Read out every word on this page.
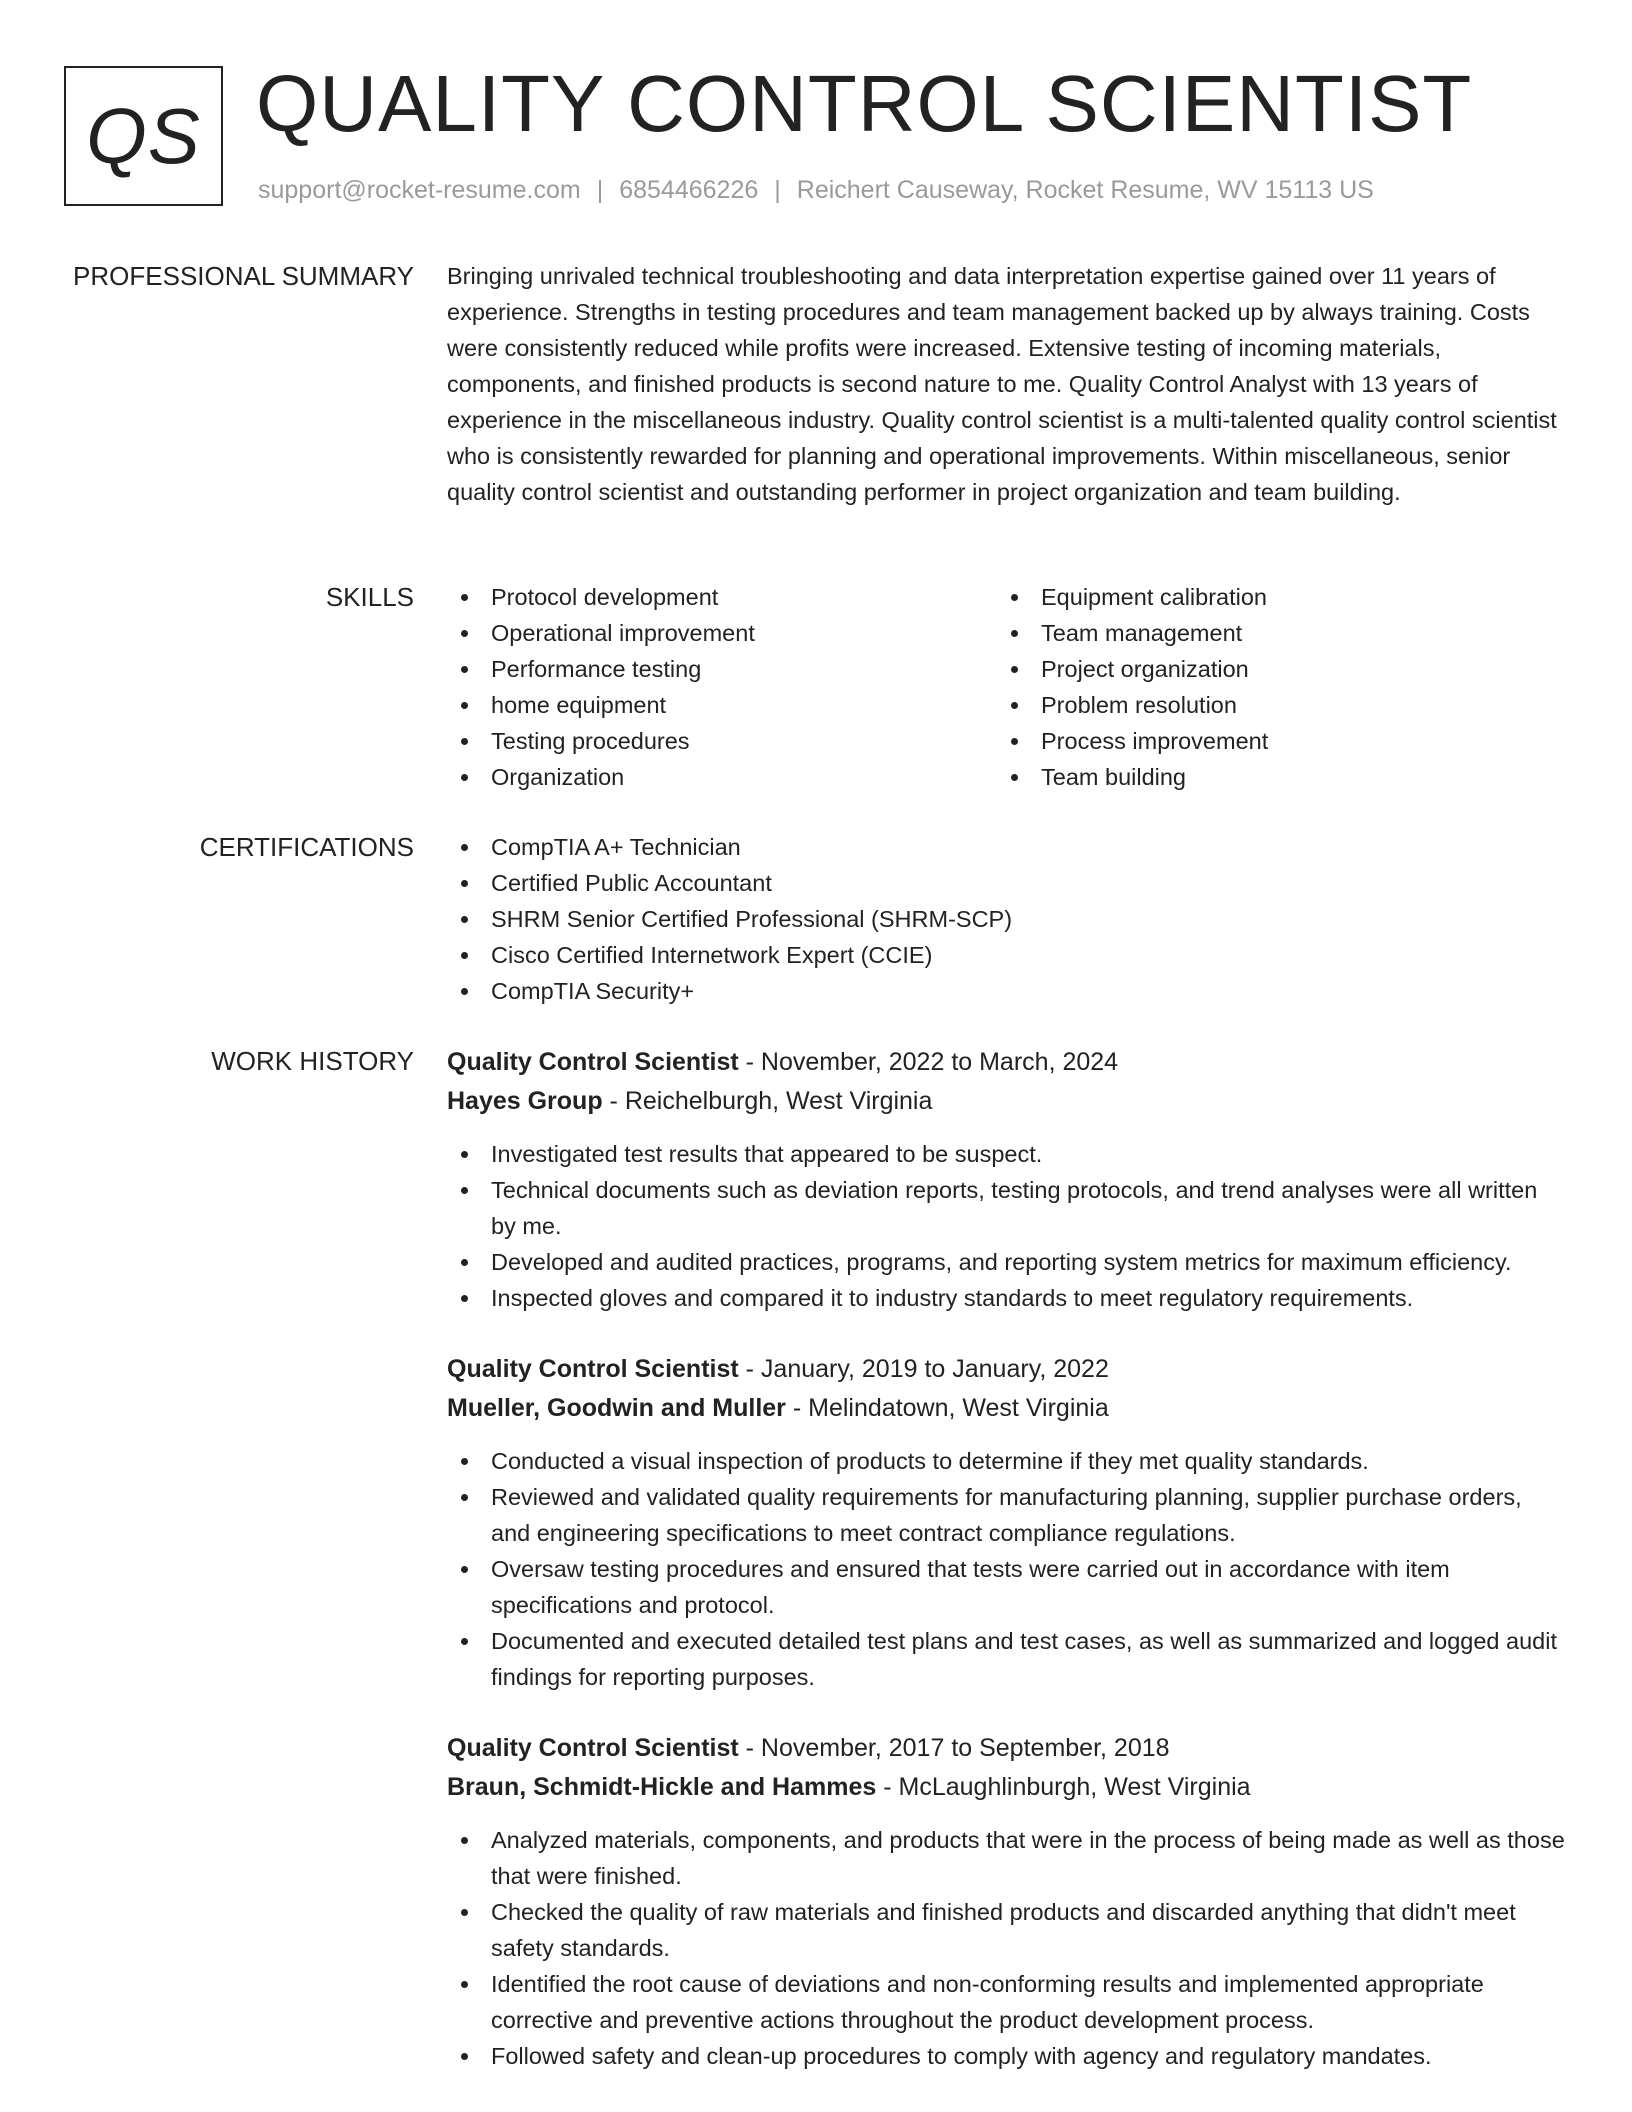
QS QUALITY CONTROL SCIENTIST
support@rocket-resume.com | 6854466226 | Reichert Causeway, Rocket Resume, WV 15113 US
PROFESSIONAL SUMMARY Bringing unrivaled technical troubleshooting and data interpretation expertise gained over 11 years of experience. Strengths in testing procedures and team management backed up by always training. Costs were consistently reduced while profits were increased. Extensive testing of incoming materials, components, and finished products is second nature to me. Quality Control Analyst with 13 years of experience in the miscellaneous industry. Quality control scientist is a multi-talented quality control scientist who is consistently rewarded for planning and operational improvements. Within miscellaneous, senior quality control scientist and outstanding performer in project organization and team building.

SKILLS	Protocol development
Operational improvement
Performance testing
home equipment
Testing procedures
Organization
Equipment calibration
Team management
Project organization
Problem resolution
Process improvement
Team building
CERTIFICATIONS	CompTIA A+ Technician
Certified Public Accountant
SHRM Senior Certified Professional (SHRM-SCP)
Cisco Certified Internetwork Expert (CCIE)
CompTIA Security+
WORK HISTORY Quality Control Scientist - November, 2022 to March, 2024
Hayes Group - Reichelburgh, West Virginia
Investigated test results that appeared to be suspect.
Technical documents such as deviation reports, testing protocols, and trend analyses were all written by me.
Developed and audited practices, programs, and reporting system metrics for maximum efficiency.
Inspected gloves and compared it to industry standards to meet regulatory requirements.
Quality Control Scientist - January, 2019 to January, 2022
Mueller, Goodwin and Muller - Melindatown, West Virginia
Conducted a visual inspection of products to determine if they met quality standards.
Reviewed and validated quality requirements for manufacturing planning, supplier purchase orders, and engineering specifications to meet contract compliance regulations.
Oversaw testing procedures and ensured that tests were carried out in accordance with item specifications and protocol.
Documented and executed detailed test plans and test cases, as well as summarized and logged audit findings for reporting purposes.
Quality Control Scientist - November, 2017 to September, 2018
Braun, Schmidt-Hickle and Hammes - McLaughlinburgh, West Virginia
Analyzed materials, components, and products that were in the process of being made as well as those that were finished.
Checked the quality of raw materials and finished products and discarded anything that didn't meet safety standards.
Identified the root cause of deviations and non-conforming results and implemented appropriate corrective and preventive actions throughout the product development process.
Followed safety and clean-up procedures to comply with agency and regulatory mandates.
